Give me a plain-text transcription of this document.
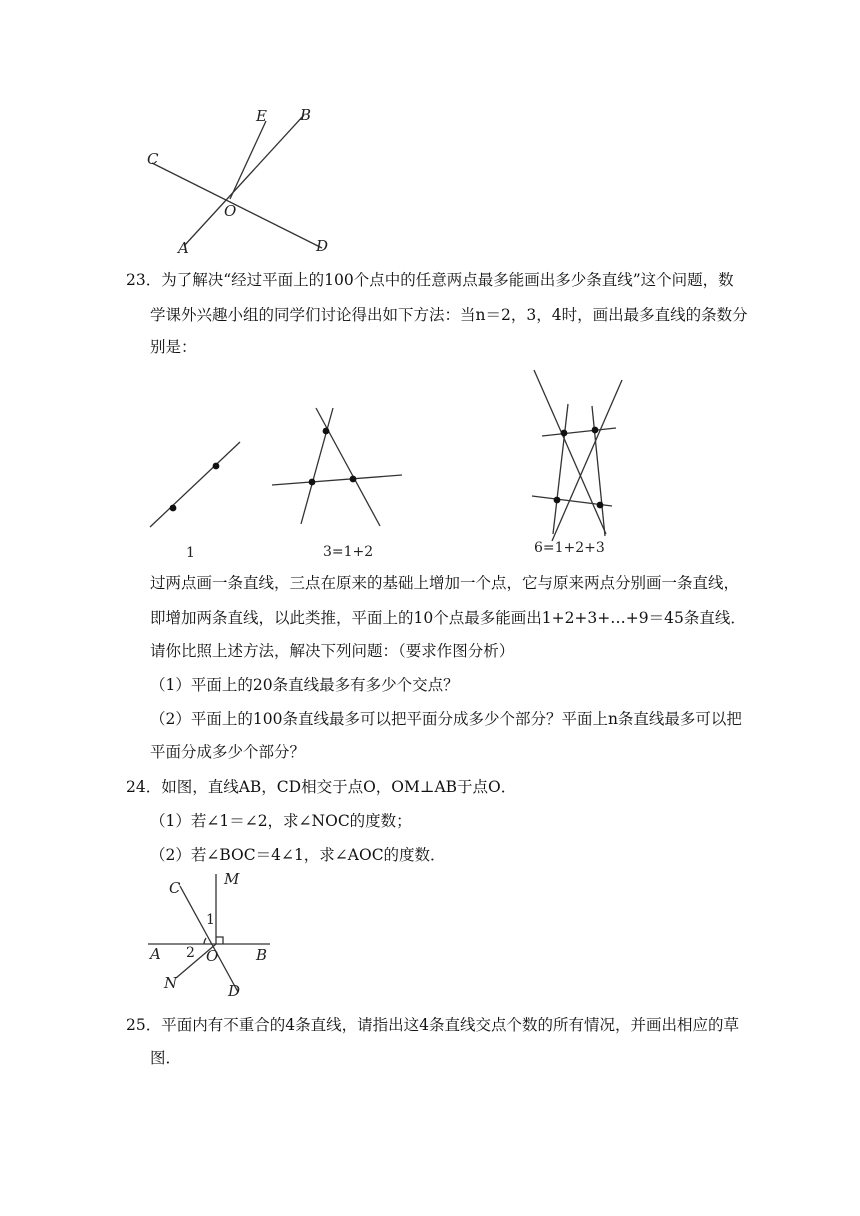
E B
C
O
A	D
23．为了解决“经过平面上的100个点中的任意两点最多能画出多少条直线”这个问题，数
学课外兴趣小组的同学们讨论得出如下方法：当n＝2，3，4时，画出最多直线的条数分
别是：
1	3=1+2	6=1+2+3
过两点画一条直线，三点在原来的基础上增加一个点，它与原来两点分别画一条直线，
即增加两条直线，以此类推，平面上的10个点最多能画出1+2+3+…+9＝45条直线．
请你比照上述方法，解决下列问题：（要求作图分析）
（1）平面上的20条直线最多有多少个交点？
（2）平面上的100条直线最多可以把平面分成多少个部分？平面上n条直线最多可以把
平面分成多少个部分？
24．如图，直线AB，CD相交于点O，OM⊥AB于点O．
（1）若∠1＝∠2，求∠NOC的度数；
（2）若∠BOC＝4∠1，求∠AOC的度数．
C	M
1
A 2 O	B
N	D
25．平面内有不重合的4条直线，请指出这4条直线交点个数的所有情况，并画出相应的草
图．
